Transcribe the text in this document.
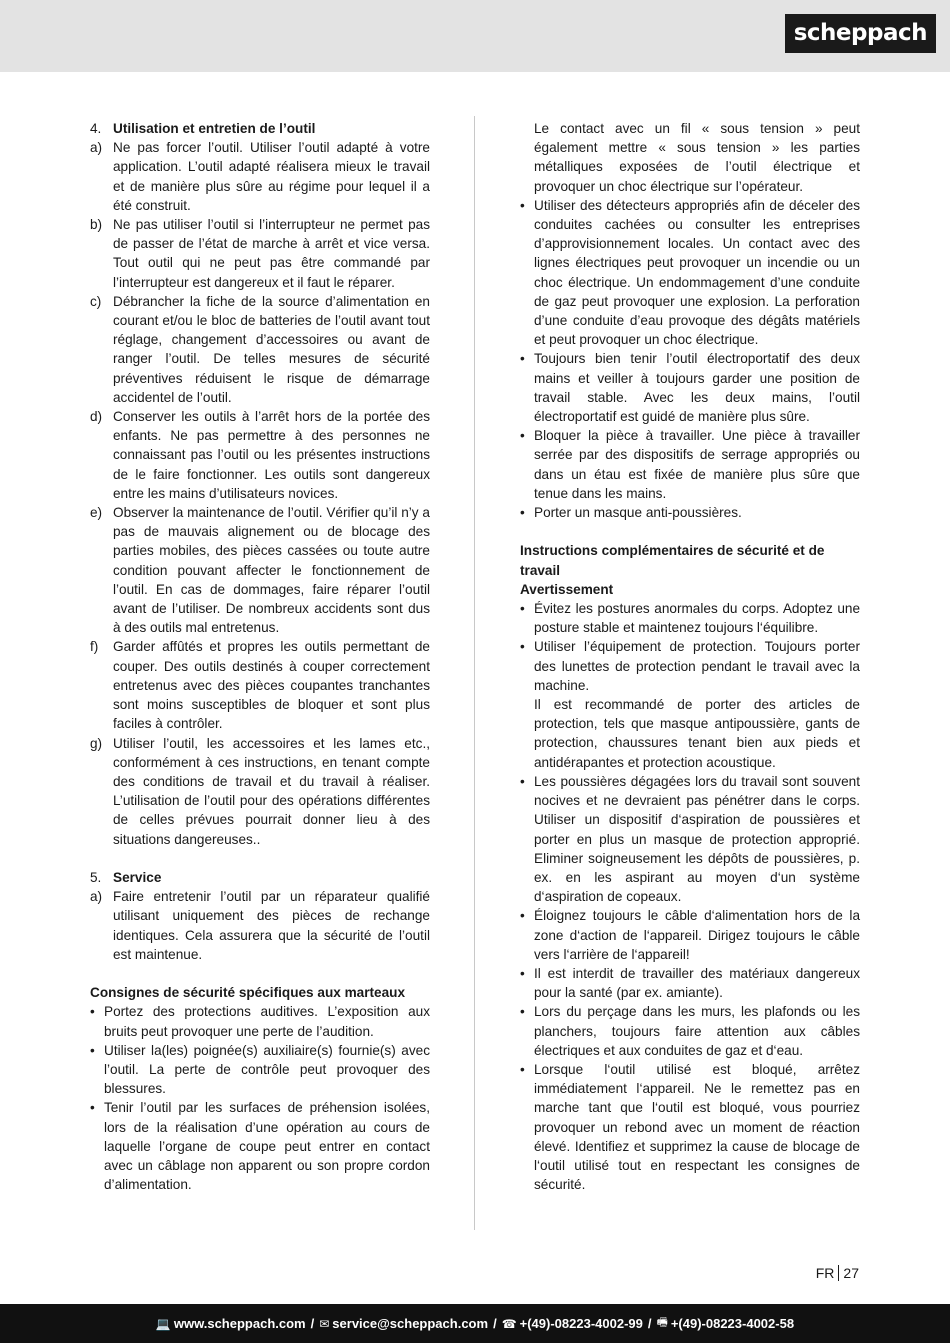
scheppach
4. Utilisation et entretien de l’outil
a) Ne pas forcer l’outil. Utiliser l’outil adapté à votre application. L’outil adapté réalisera mieux le travail et de manière plus sûre au régime pour lequel il a été construit.
b) Ne pas utiliser l’outil si l’interrupteur ne permet pas de passer de l’état de marche à arrêt et vice versa. Tout outil qui ne peut pas être commandé par l’interrupteur est dangereux et il faut le réparer.
c) Débrancher la fiche de la source d’alimentation en courant et/ou le bloc de batteries de l’outil avant tout réglage, changement d’accessoires ou avant de ranger l’outil. De telles mesures de sécurité préventives réduisent le risque de démarrage accidentel de l’outil.
d) Conserver les outils à l’arrêt hors de la portée des enfants. Ne pas permettre à des personnes ne connaissant pas l’outil ou les présentes instructions de le faire fonctionner. Les outils sont dangereux entre les mains d’utilisateurs novices.
e) Observer la maintenance de l’outil. Vérifier qu’il n’y a pas de mauvais alignement ou de blocage des parties mobiles, des pièces cassées ou toute autre condition pouvant affecter le fonctionnement de l’outil. En cas de dommages, faire réparer l’outil avant de l’utiliser. De nombreux accidents sont dus à des outils mal entretenus.
f)	Garder affûtés et propres les outils permettant de couper. Des outils destinés à couper correctement entretenus avec des pièces coupantes tranchantes sont moins susceptibles de bloquer et sont plus faciles à contrôler.
g) Utiliser l’outil, les accessoires et les lames etc., conformément à ces instructions, en tenant compte des conditions de travail et du travail à réaliser. L’utilisation de l’outil pour des opérations différentes de celles prévues pourrait donner lieu à des situations dangereuses..
5. Service
a) Faire entretenir l’outil par un réparateur qualifié utilisant uniquement des pièces de rechange identiques. Cela assurera que la sécurité de l’outil est maintenue.
Consignes de sécurité spécifiques aux marteaux
• Portez des protections auditives. L’exposition aux bruits peut provoquer une perte de l’audition.
• Utiliser la(les) poignée(s) auxiliaire(s) fournie(s) avec l’outil. La perte de contrôle peut provoquer des blessures.
• Tenir l’outil par les surfaces de préhension isolées, lors de la réalisation d’une opération au cours de laquelle l’organe de coupe peut entrer en contact avec un câblage non apparent ou son propre cordon d’alimentation.
Le contact avec un fil « sous tension » peut également mettre « sous tension » les parties métalliques exposées de l’outil électrique et provoquer un choc électrique sur l’opérateur.
• Utiliser des détecteurs appropriés afin de déceler des conduites cachées ou consulter les entreprises d’approvisionnement locales. Un contact avec des lignes électriques peut provoquer un incendie ou un choc électrique. Un endommagement d’une conduite de gaz peut provoquer une explosion. La perforation d’une conduite d’eau provoque des dégâts matériels et peut provoquer un choc électrique.
• Toujours bien tenir l’outil électroportatif des deux mains et veiller à toujours garder une position de travail stable. Avec les deux mains, l’outil électroportatif est guidé de manière plus sûre.
• Bloquer la pièce à travailler. Une pièce à travailler serrée par des dispositifs de serrage appropriés ou dans un étau est fixée de manière plus sûre que tenue dans les mains.
• Porter un masque anti-poussières.
Instructions complémentaires de sécurité et de travail
Avertissement
• Évitez les postures anormales du corps. Adoptez une posture stable et maintenez toujours l‘équilibre.
• Utiliser l’équipement de protection. Toujours porter des lunettes de protection pendant le travail avec la machine.
Il est recommandé de porter des articles de protection, tels que masque antipoussière, gants de protection, chaussures tenant bien aux pieds et antidérapantes et protection acoustique.
• Les poussières dégagées lors du travail sont souvent nocives et ne devraient pas pénétrer dans le corps. Utiliser un dispositif d‘aspiration de poussières et porter en plus un masque de protection approprié. Eliminer soigneusement les dépôts de poussières, p. ex. en les aspirant au moyen d‘un système d‘aspiration de copeaux.
• Éloignez toujours le câble d‘alimentation hors de la zone d‘action de l‘appareil. Dirigez toujours le câble vers l‘arrière de l‘appareil!
• Il est interdit de travailler des matériaux dangereux pour la santé (par ex. amiante).
• Lors du perçage dans les murs, les plafonds ou les planchers, toujours faire attention aux câbles électriques et aux conduites de gaz et d‘eau.
• Lorsque l‘outil utilisé est bloqué, arrêtez immédiatement l‘appareil. Ne le remettez pas en marche tant que l‘outil est bloqué, vous pourriez provoquer un rebond avec un moment de réaction élevé. Identifiez et supprimez la cause de blocage de l‘outil utilisé tout en respectant les consignes de sécurité.
FR 27
💻 www.scheppach.com / ✉ service@scheppach.com / ☎ +(49)-08223-4002-99 / 🖷 +(49)-08223-4002-58
